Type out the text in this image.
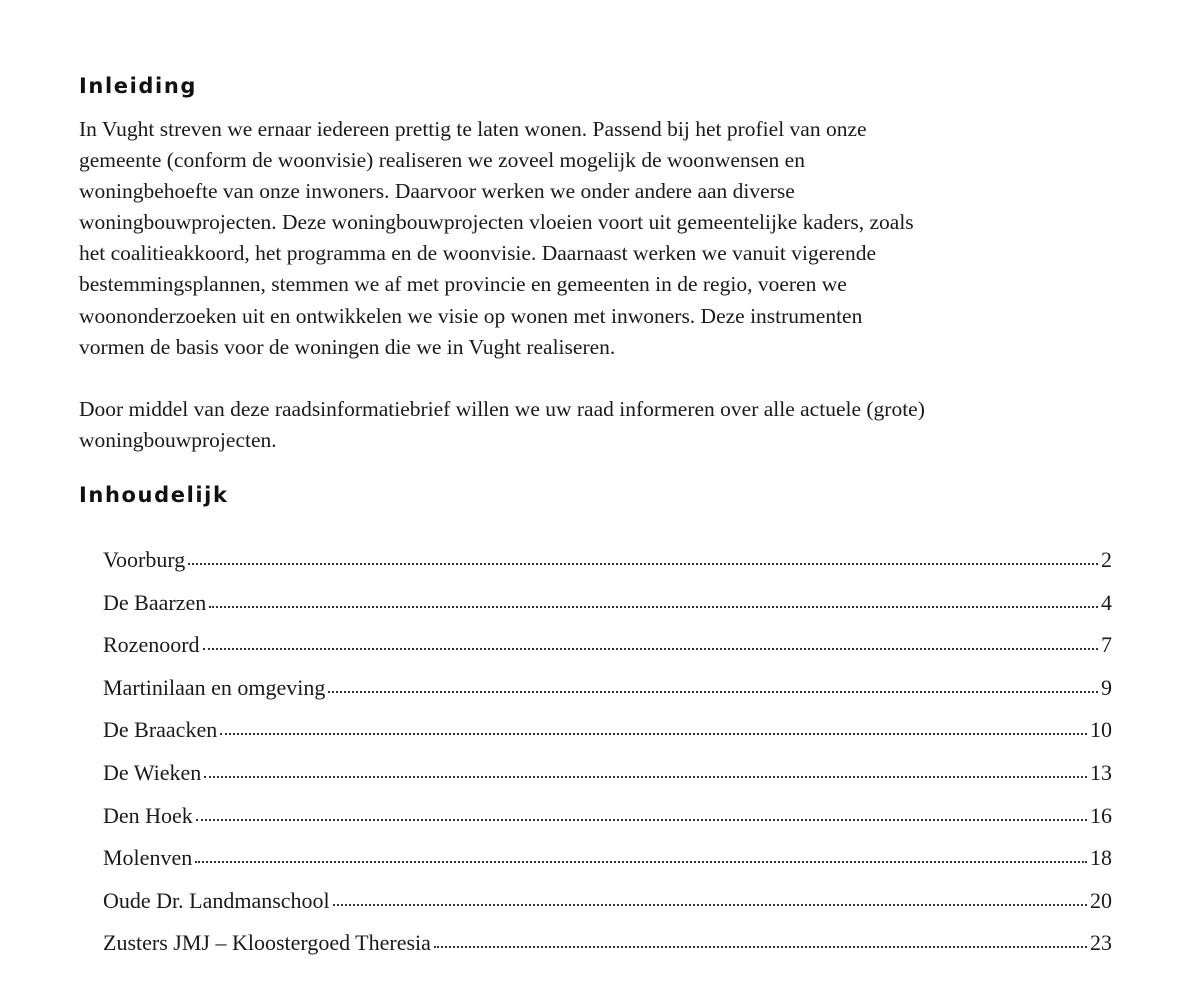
Inleiding

In Vught streven we ernaar iedereen prettig te laten wonen. Passend bij het profiel van onze
gemeente (conform de woonvisie) realiseren we zoveel mogelijk de woonwensen en
woningbehoefte van onze inwoners. Daarvoor werken we onder andere aan diverse
woningbouwprojecten. Deze woningbouwprojecten vloeien voort uit gemeentelijke kaders, zoals
het coalitieakkoord, het programma en de woonvisie. Daarnaast werken we vanuit vigerende
bestemmingsplannen, stemmen we af met provincie en gemeenten in de regio, voeren we
woononderzoeken uit en ontwikkelen we visie op wonen met inwoners. Deze instrumenten
vormen de basis voor de woningen die we in Vught realiseren.

Door middel van deze raadsinformatiebrief willen we uw raad informeren over alle actuele (grote)
woningbouwprojecten.

Inhoudelijk
Voorburg	2
De Baarzen	4
Rozenoord	7
Martinilaan en omgeving	9
De Braacken	10
De Wieken	13
Den Hoek	16
Molenven	18
Oude Dr. Landmanschool	20
Zusters JMJ – Kloostergoed Theresia	23
